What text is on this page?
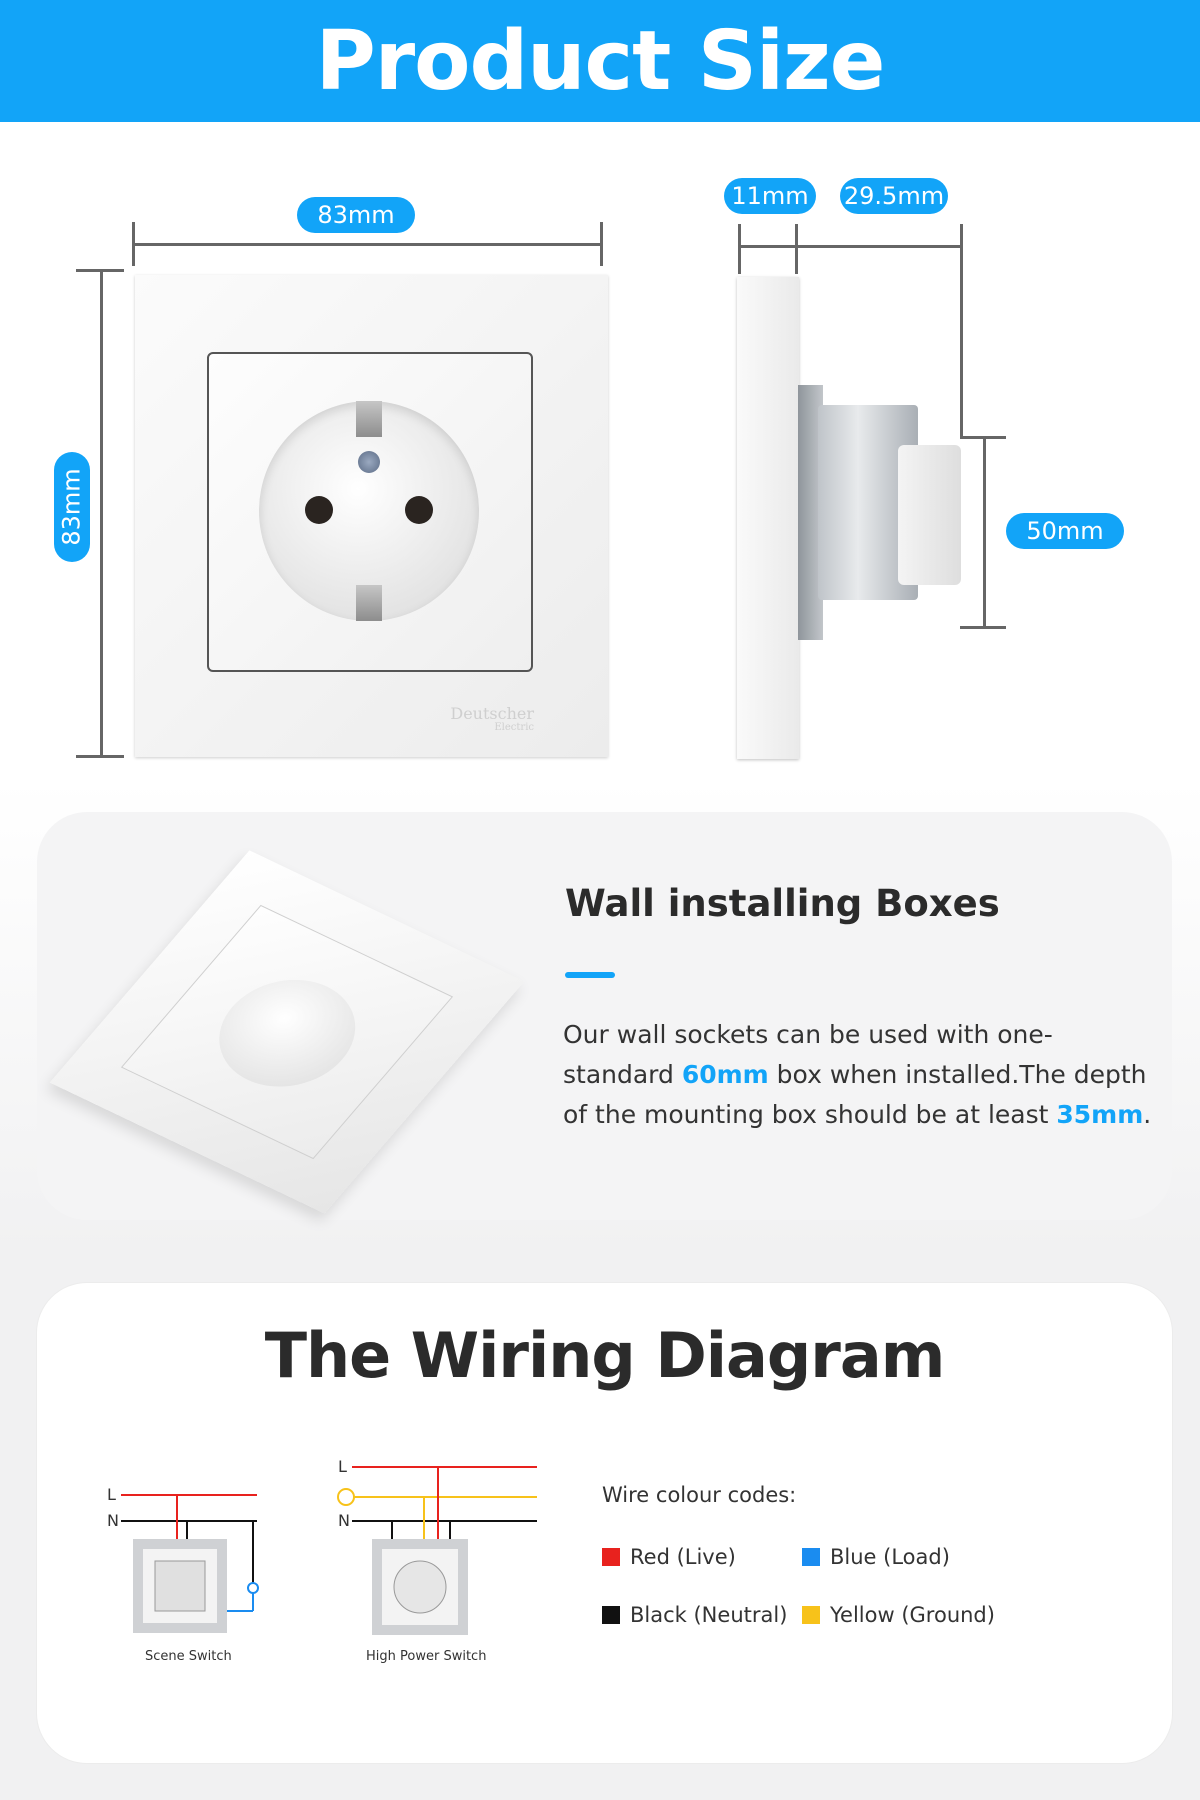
Product Size
83mm
83mm
Deutscher
Electric
11mm	29.5mm
50mm
Wall installing Boxes

Our wall sockets can be used with one-standard 60mm box when installed.The depth of the mounting box should be at least 35mm.

The Wiring Diagram
L
N
Scene Switch
L
N
High Power Switch
Wire colour codes:
Red (Live)	Blue (Load)
Black (Neutral) Yellow (Ground)
